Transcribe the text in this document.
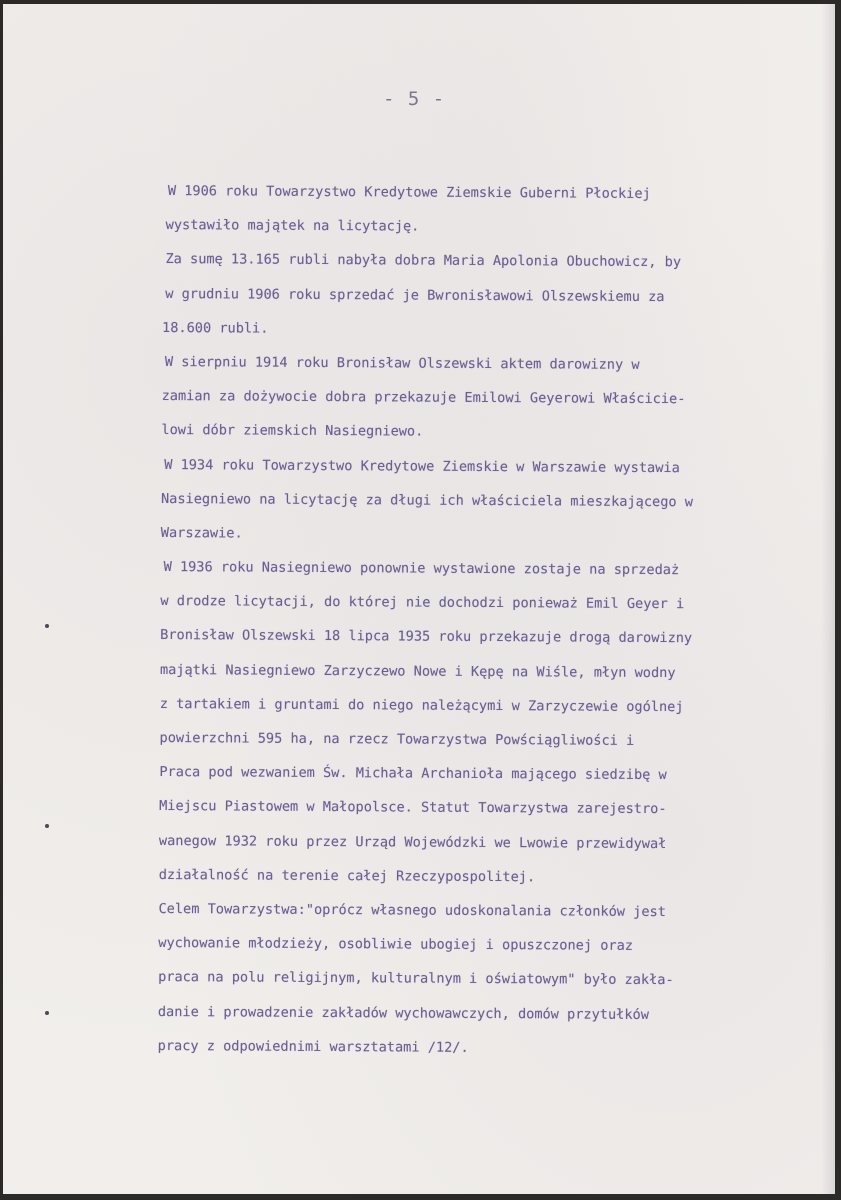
- 5 -
W 1906 roku Towarzystwo Kredytowe Ziemskie Guberni Płockiej
wystawiło majątek na licytację.
Za sumę 13.165 rubli nabyła dobra Maria Apolonia Obuchowicz, by
w grudniu 1906 roku sprzedać je Bwronisławowi Olszewskiemu za
18.600 rubli.
W sierpniu 1914 roku Bronisław Olszewski aktem darowizny w
zamian za dożywocie dobra przekazuje Emilowi Geyerowi Właścicie-
lowi dóbr ziemskich Nasiegniewo.
W 1934 roku Towarzystwo Kredytowe Ziemskie w Warszawie wystawia
Nasiegniewo na licytację za długi ich właściciela mieszkającego w
Warszawie.
W 1936 roku Nasiegniewo ponownie wystawione zostaje na sprzedaż
w drodze licytacji, do której nie dochodzi ponieważ Emil Geyer i
Bronisław Olszewski 18 lipca 1935 roku przekazuje drogą darowizny
majątki Nasiegniewo Zarzyczewo Nowe i Kępę na Wiśle, młyn wodny
z tartakiem i gruntami do niego należącymi w Zarzyczewie ogólnej
powierzchni 595 ha, na rzecz Towarzystwa Powściągliwości i
Praca pod wezwaniem Św. Michała Archanioła mającego siedzibę w
Miejscu Piastowem w Małopolsce. Statut Towarzystwa zarejestro-
wanegow 1932 roku przez Urząd Wojewódzki we Lwowie przewidywał
działalność na terenie całej Rzeczypospolitej.
Celem Towarzystwa:"oprócz własnego udoskonalania członków jest
wychowanie młodzieży, osobliwie ubogiej i opuszczonej oraz
praca na polu religijnym, kulturalnym i oświatowym" było zakła-
danie i prowadzenie zakładów wychowawczych, domów przytułków
pracy z odpowiednimi warsztatami /12/.
